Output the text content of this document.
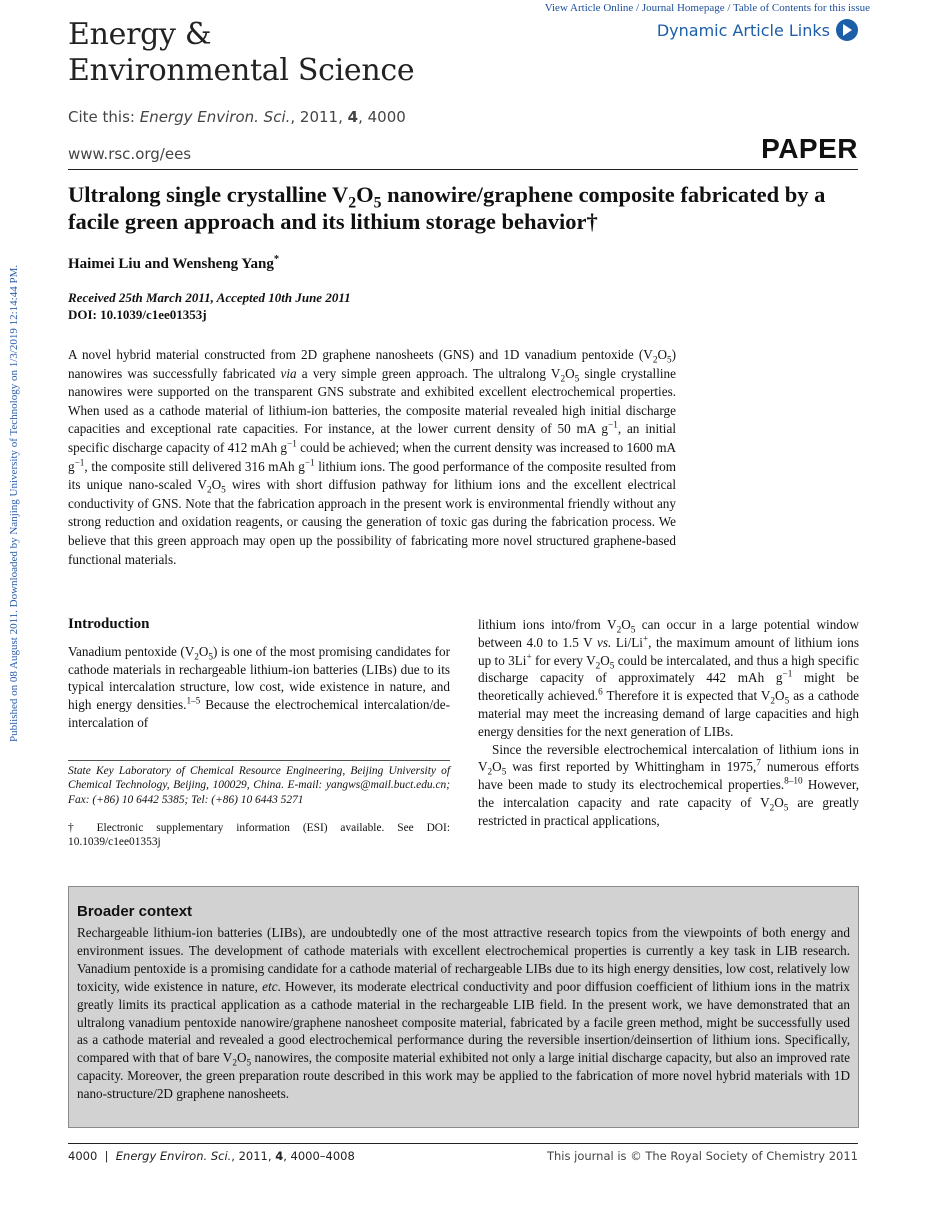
View Article Online / Journal Homepage / Table of Contents for this issue
Dynamic Article Links
Energy &
Environmental Science
Cite this: Energy Environ. Sci., 2011, 4, 4000
www.rsc.org/ees	PAPER
Published on 08 August 2011. Downloaded by Nanjing University of Technology on 1/3/2019 12:14:44 PM.
Ultralong single crystalline $V_2O_5$ nanowire/graphene composite fabricated by a facile green approach and its lithium storage behavior†
Haimei Liu and Wensheng Yang*
Received 25th March 2011, Accepted 10th June 2011
DOI: 10.1039/c1ee01353j
A novel hybrid material constructed from 2D graphene nanosheets (GNS) and 1D vanadium pentoxide $(V_2O_5)$ nanowires was successfully fabricated via a very simple green approach. The ultralong $V_2O_5$ single crystalline nanowires were supported on the transparent GNS substrate and exhibited excellent electrochemical properties. When used as a cathode material of lithium-ion batteries, the composite material revealed high initial discharge capacities and exceptional rate capacities. For instance, at the lower current density of 50 mA $g^{-1}$, an initial specific discharge capacity of 412 mAh $g^{-1}$ could be achieved; when the current density was increased to 1600 mA $g^{-1}$, the composite still delivered 316 mAh $g^{-1}$ lithium ions. The good performance of the composite resulted from its unique nano-scaled $V_2O_5$ wires with short diffusion pathway for lithium ions and the excellent electrical conductivity of GNS. Note that the fabrication approach in the present work is environmental friendly without any strong reduction and oxidation reagents, or causing the generation of toxic gas during the fabrication process. We believe that this green approach may open up the possibility of fabricating more novel structured graphene-based functional materials.
Introduction
Vanadium pentoxide $(V_2O_5)$ is one of the most promising candidates for cathode materials in rechargeable lithium-ion batteries (LIBs) due to its typical intercalation structure, low cost, wide existence in nature, and high energy densities.$^{1-5}$ Because the electrochemical intercalation/de-intercalation of
State Key Laboratory of Chemical Resource Engineering, Beijing University of Chemical Technology, Beijing, 100029, China. E-mail: yangws@mail.buct.edu.cn; Fax: (+86) 10 6442 5385; Tel: (+86) 10 6443 5271
† Electronic supplementary information (ESI) available. See DOI: 10.1039/c1ee01353j
lithium ions into/from $V_2O_5$ can occur in a large potential window between 4.0 to 1.5 V vs. Li/Li+, the maximum amount of lithium ions up to 3Li+ for every $V_2O_5$ could be intercalated, and thus a high specific discharge capacity of approximately 442 mAh $g^{-1}$ might be theoretically achieved.$^6$ Therefore it is expected that $V_2O_5$ as a cathode material may meet the increasing demand of large capacities and high energy densities for the next generation of LIBs.
Since the reversible electrochemical intercalation of lithium ions in $V_2O_5$ was first reported by Whittingham in 1975,$^7$ numerous efforts have been made to study its electrochemical properties.$^{8-10}$ However, the intercalation capacity and rate capacity of $V_2O_5$ are greatly restricted in practical applications,
Broader context
Rechargeable lithium-ion batteries (LIBs), are undoubtedly one of the most attractive research topics from the viewpoints of both energy and environment issues. The development of cathode materials with excellent electrochemical properties is currently a key task in LIB research. Vanadium pentoxide is a promising candidate for a cathode material of rechargeable LIBs due to its high energy densities, low cost, relatively low toxicity, wide existence in nature, etc. However, its moderate electrical conductivity and poor diffusion coefficient of lithium ions in the matrix greatly limits its practical application as a cathode material in the rechargeable LIB field. In the present work, we have demonstrated that an ultralong vanadium pentoxide nanowire/graphene nanosheet composite material, fabricated by a facile green method, might be successfully used as a cathode material and revealed a good electrochemical performance during the reversible insertion/deinsertion of lithium ions. Specifically, compared with that of bare $V_2O_5$ nanowires, the composite material exhibited not only a large initial discharge capacity, but also an improved rate capacity. Moreover, the green preparation route described in this work may be applied to the fabrication of more novel hybrid materials with 1D nano-structure/2D graphene nanosheets.
4000  |  Energy Environ. Sci., 2011, 4, 4000–4008	This journal is © The Royal Society of Chemistry 2011
